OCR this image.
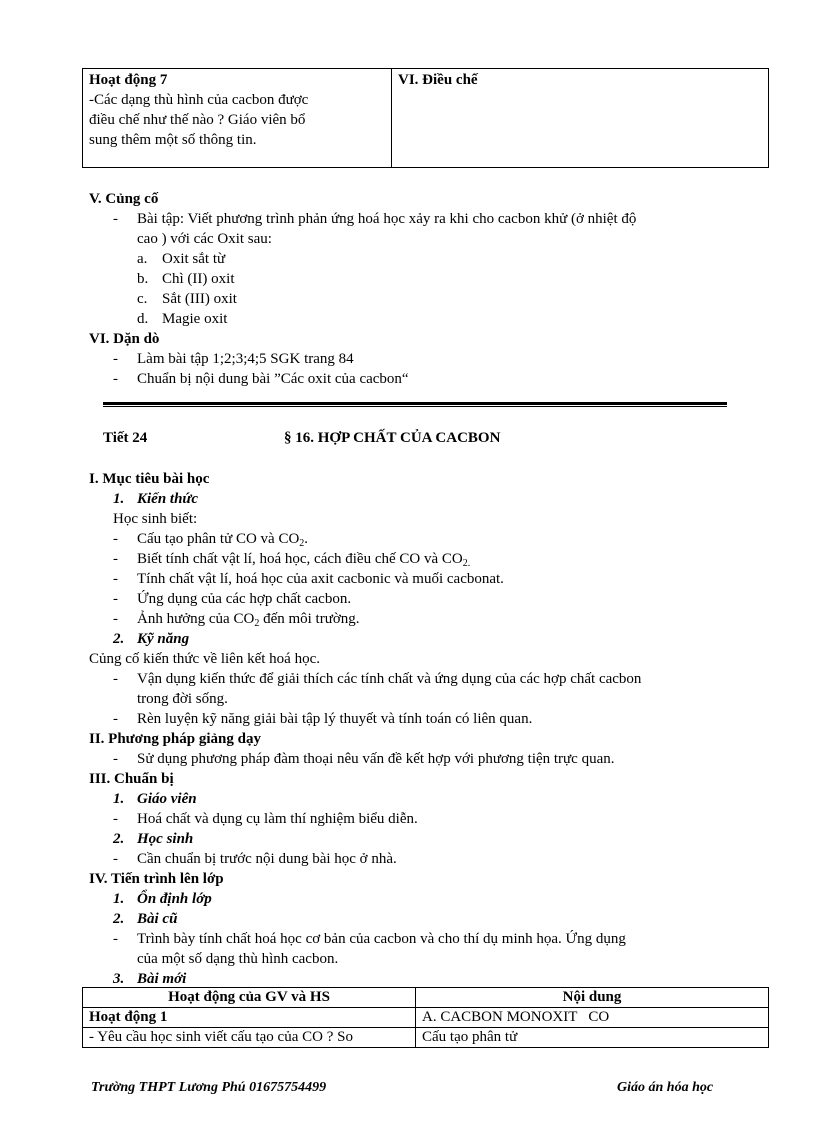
Hoạt động 7
-Các dạng thù hình của cacbon được
điều chế như thế nào ? Giáo viên bổ
sung thêm một số thông tin.	VI. Điều chế
V. Củng cố
- Bài tập: Viết phương trình phản ứng hoá học xảy ra khi cho cacbon khử (ở nhiệt độ
cao ) với các Oxit sau:
a. Oxit sắt từ
b. Chì (II) oxit
c. Sắt (III) oxit
d. Magie oxit
VI. Dặn dò
- Làm bài tập 1;2;3;4;5 SGK trang 84
- Chuẩn bị nội dung bài ”Các oxit của cacbon“
Tiết 24	§ 16. HỢP CHẤT CỦA CACBON
I. Mục tiêu bài học
1. Kiến thức
Học sinh biết:
- Cấu tạo phân tử CO và $CO_2$.
- Biết tính chất vật lí, hoá học, cách điều chế CO và $CO_{2.}$
- Tính chất vật lí, hoá học của axit cacbonic và muối cacbonat.
- Ứng dụng của các hợp chất cacbon.
- Ảnh hưởng của $CO_2$ đến môi trường.
2. Kỹ năng
Củng cố kiến thức về liên kết hoá học.
- Vận dụng kiến thức để giải thích các tính chất và ứng dụng của các hợp chất cacbon
trong đời sống.
- Rèn luyện kỹ năng giải bài tập lý thuyết và tính toán có liên quan.
II. Phương pháp giảng dạy
- Sử dụng phương pháp đàm thoại nêu vấn đề kết hợp với phương tiện trực quan.
III. Chuẩn bị
1. Giáo viên
- Hoá chất và dụng cụ làm thí nghiệm biểu diễn.
2. Học sinh
- Cần chuẩn bị trước nội dung bài học ở nhà.
IV. Tiến trình lên lớp
1. Ổn định lớp
2. Bài cũ
- Trình bày tính chất hoá học cơ bản của cacbon và cho thí dụ minh họa. Ứng dụng
của một số dạng thù hình cacbon.
3. Bài mới
Hoạt động của GV và HS	Nội dung
Hoạt động 1	A. CACBON MONOXIT   CO
- Yêu cầu học sinh viết cấu tạo của CO ? So	Cấu tạo phân tử
Trường THPT Lương Phú 01675754499	Giáo án hóa học
